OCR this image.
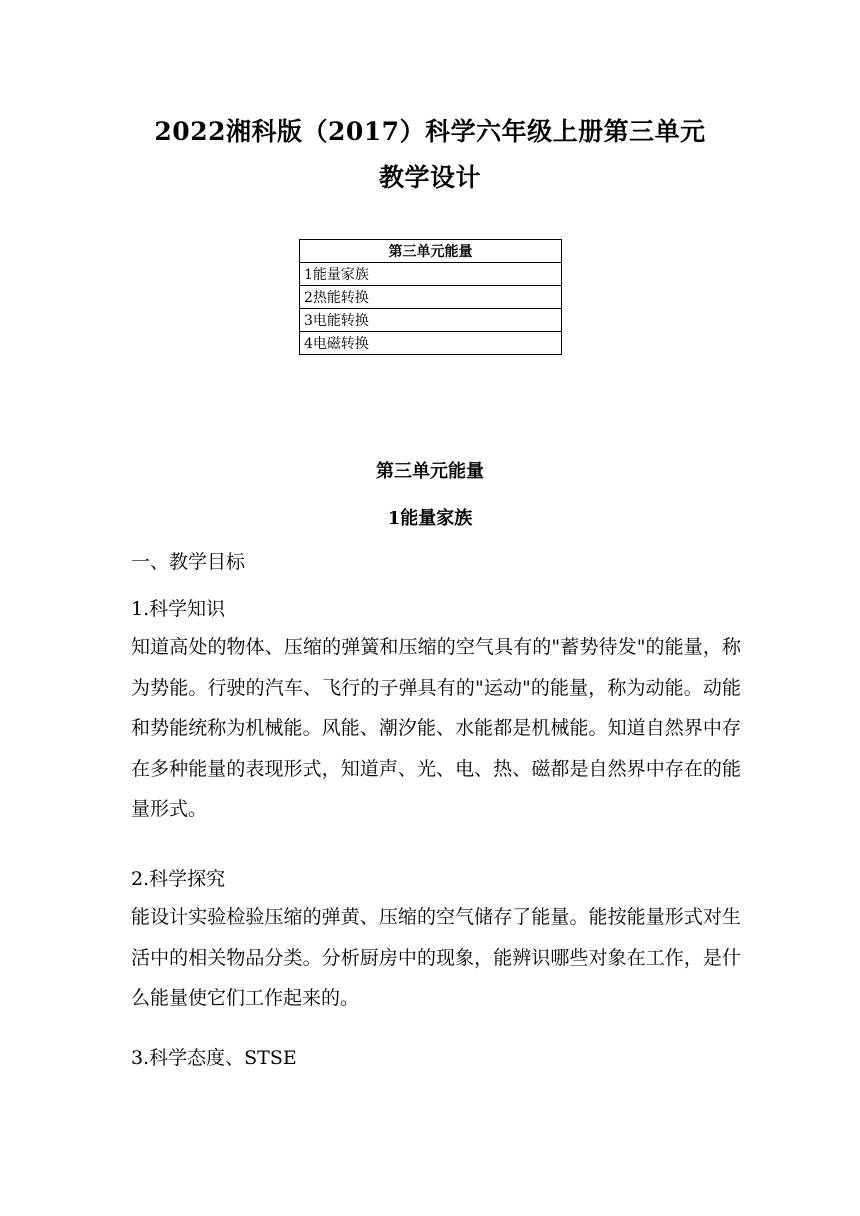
2022湘科版（2017）科学六年级上册第三单元
教学设计
第三单元能量
1能量家族
2热能转换
3电能转换
4电磁转换
第三单元能量
1能量家族
一、教学目标
1.科学知识
知道高处的物体、压缩的弹簧和压缩的空气具有的"蓄势待发"的能量，称为势能。行驶的汽车、飞行的子弹具有的"运动"的能量，称为动能。动能和势能统称为机械能。风能、潮汐能、水能都是机械能。知道自然界中存在多种能量的表现形式，知道声、光、电、热、磁都是自然界中存在的能量形式。
2.科学探究
能设计实验检验压缩的弹黄、压缩的空气储存了能量。能按能量形式对生活中的相关物品分类。分析厨房中的现象，能辨识哪些对象在工作，是什么能量使它们工作起来的。
3.科学态度、STSE
